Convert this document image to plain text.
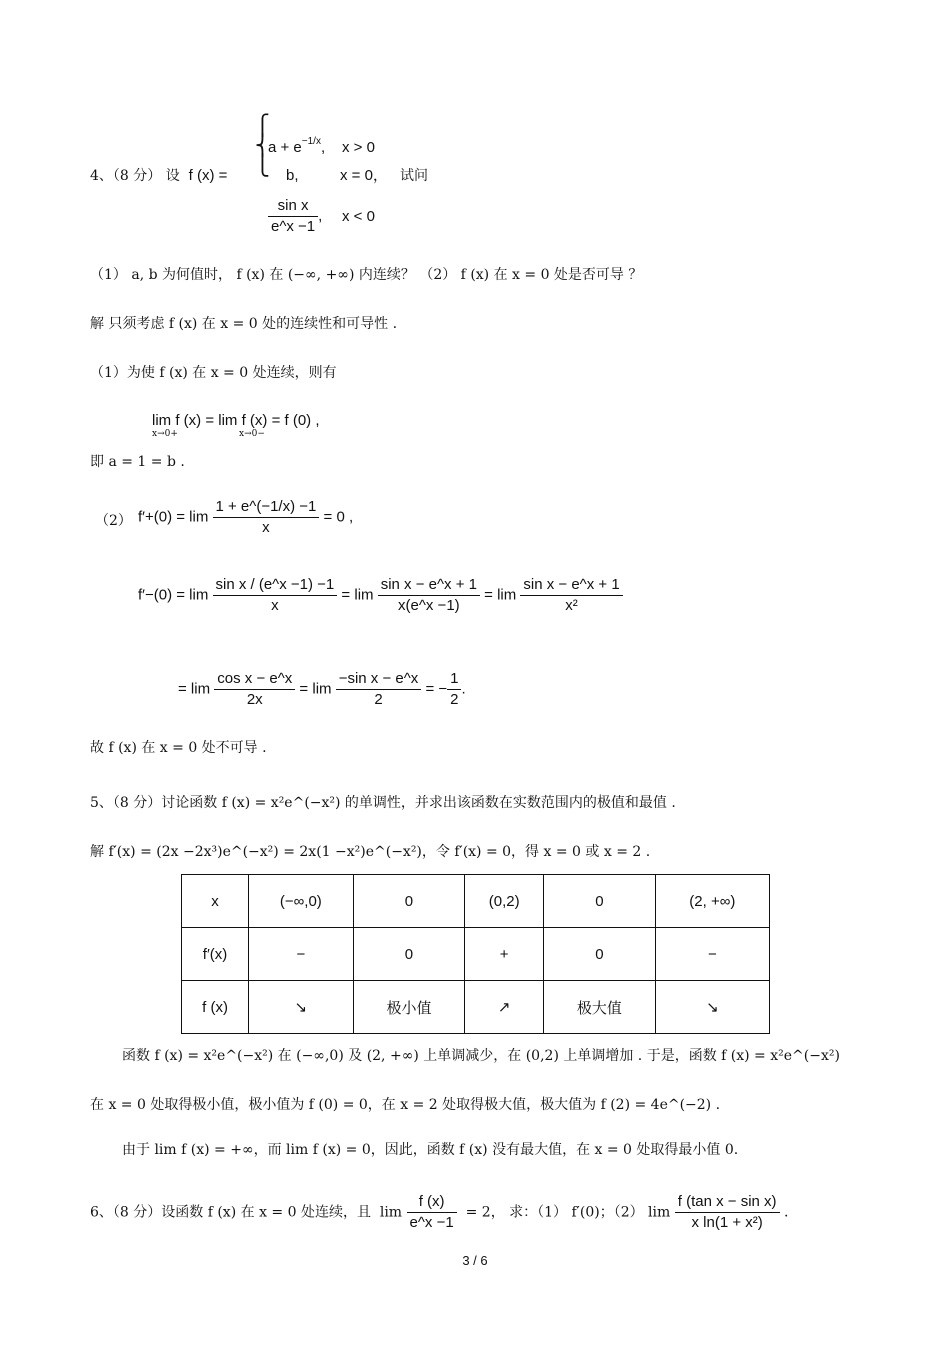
4、（8 分） 设 f (x) =
⎧
⎨
⎩
$a + e^{-1/x}$, x > 0
b,	x = 0， 试问
$\frac{\text{sin x}}{e\^{}x -1}$ , x < 0
（1） a, b 为何值时， f (x) 在 (−∞, +∞) 内连续？ （2） f (x) 在 x = 0 处是否可导 ？
解 只须考虑 f (x) 在 x = 0 处的连续性和可导性 .
（1）为使 f (x) 在 x = 0 处连续，则有
lim f (x) = lim f (x) = f (0) ,
x→0+	x→0−
即 a = 1 = b .
（2） $f'+(0) = \lim \frac{1 + e\^{}(-1/x) -1}{x} = 0$ ,
$f'-(0) = \lim \frac{\text{sin x / (e\textasciicircum{}x −1) −1}}{x} = \lim \frac{\text{sin x − e\textasciicircum{}x + 1}}{x(e\^{}x -1)} = \lim \frac{\text{sin x − e\textasciicircum{}x + 1}}{\text{x²}}$
= $\lim \frac{\text{cos x − e\textasciicircum{}x}}{2x} = \lim \frac{\text{−sin x − e\textasciicircum{}x}}{2}$ = − $\frac{1}{2}$ .
故 f (x) 在 x = 0 处不可导 .
5、（8 分）讨论函数 f (x) = x²e^(−x²) 的单调性，并求出该函数在实数范围内的极值和最值 .
解 f′(x) = (2x −2x³)e^(−x²) = 2x(1 −x²)e^(−x²)，令 f′(x) = 0，得 x = 0 或 x = 2 .
x	(−∞,0)	0	(0,2)	0	(2, +∞)
f′(x)	−	0	+	0	−
f (x)	↘	极小值	↗	极大值	↘
函数 f (x) = x²e^(−x²) 在 (−∞,0) 及 (2, +∞) 上单调减少，在 (0,2) 上单调增加 . 于是，函数 f (x) = x²e^(−x²)
在 x = 0 处取得极小值，极小值为 f (0) = 0，在 x = 2 处取得极大值，极大值为 f (2) = 4e^(−2) .
由于 lim f (x) = +∞，而 lim f (x) = 0，因此，函数 f (x) 没有最大值，在 x = 0 处取得最小值 0.
6、（8 分）设函数 f (x) 在 x = 0 处连续，且  $\lim \frac{f (x)}{e\^{}x -1} = 2$， 求：（1） f′(0)；（2） $\lim \frac{\text{f (tan x − sin x)}}{\text{x ln(1 + x²)}}$ .
3 / 6
